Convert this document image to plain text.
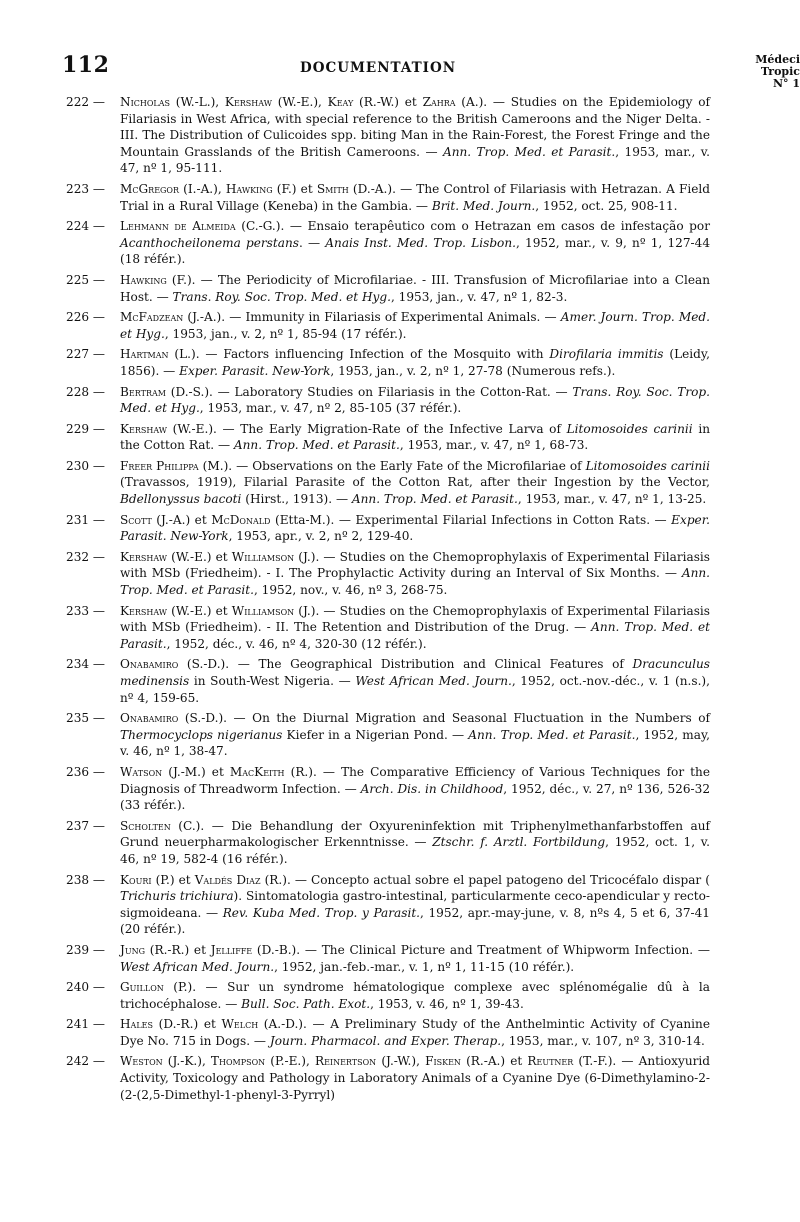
112	DOCUMENTATION
Médeci
Tropic
N° 1
222 —	Nicholas (W.-L.), Kershaw (W.-E.), Keay (R.-W.) et Zahra (A.). — Studies on the Epidemiology of Filariasis in West Africa, with special reference to the British Cameroons and the Niger Delta. - III. The Distribution of Culicoides spp. biting Man in the Rain-Forest, the Forest Fringe and the Mountain Grasslands of the British Cameroons. — Ann. Trop. Med. et Parasit., 1953, mar., v. 47, nº 1, 95-111.
223 —	McGregor (I.-A.), Hawking (F.) et Smith (D.-A.). — The Control of Filariasis with Hetrazan. A Field Trial in a Rural Village (Keneba) in the Gambia. — Brit. Med. Journ., 1952, oct. 25, 908-11.
224 —	Lehmann de Almeida (C.-G.). — Ensaio terapêutico com o Hetrazan em casos de infestação por Acanthocheilonema perstans. — Anais Inst. Med. Trop. Lisbon., 1952, mar., v. 9, nº 1, 127-44 (18 référ.).
225 —	Hawking (F.). — The Periodicity of Microfilariae. - III. Transfusion of Microfilariae into a Clean Host. — Trans. Roy. Soc. Trop. Med. et Hyg., 1953, jan., v. 47, nº 1, 82-3.
226 —	McFadzean (J.-A.). — Immunity in Filariasis of Experimental Animals. — Amer. Journ. Trop. Med. et Hyg., 1953, jan., v. 2, nº 1, 85-94 (17 référ.).
227 —	Hartman (L.). — Factors influencing Infection of the Mosquito with Dirofilaria immitis (Leidy, 1856). — Exper. Parasit. New-York, 1953, jan., v. 2, nº 1, 27-78 (Numerous refs.).
228 —	Bertram (D.-S.). — Laboratory Studies on Filariasis in the Cotton-Rat. — Trans. Roy. Soc. Trop. Med. et Hyg., 1953, mar., v. 47, nº 2, 85-105 (37 référ.).
229 —	Kershaw (W.-E.). — The Early Migration-Rate of the Infective Larva of Litomosoides carinii in the Cotton Rat. — Ann. Trop. Med. et Parasit., 1953, mar., v. 47, nº 1, 68-73.
230 —	Freer Philippa (M.). — Observations on the Early Fate of the Microfilariae of Litomosoides carinii (Travassos, 1919), Filarial Parasite of the Cotton Rat, after their Ingestion by the Vector, Bdellonyssus bacoti (Hirst., 1913). — Ann. Trop. Med. et Parasit., 1953, mar., v. 47, nº 1, 13-25.
231 —	Scott (J.-A.) et McDonald (Etta-M.). — Experimental Filarial Infections in Cotton Rats. — Exper. Parasit. New-York, 1953, apr., v. 2, nº 2, 129-40.
232 —	Kershaw (W.-E.) et Williamson (J.). — Studies on the Chemoprophylaxis of Experimental Filariasis with MSb (Friedheim). - I. The Prophylactic Activity during an Interval of Six Months. — Ann. Trop. Med. et Parasit., 1952, nov., v. 46, nº 3, 268-75.
233 —	Kershaw (W.-E.) et Williamson (J.). — Studies on the Chemoprophylaxis of Experimental Filariasis with MSb (Friedheim). - II. The Retention and Distribution of the Drug. — Ann. Trop. Med. et Parasit., 1952, déc., v. 46, nº 4, 320-30 (12 référ.).
234 —	Onabamiro (S.-D.). — The Geographical Distribution and Clinical Features of Dracunculus medinensis in South-West Nigeria. — West African Med. Journ., 1952, oct.-nov.-déc., v. 1 (n.s.), nº 4, 159-65.
235 —	Onabamiro (S.-D.). — On the Diurnal Migration and Seasonal Fluctuation in the Numbers of Thermocyclops nigerianus Kiefer in a Nigerian Pond. — Ann. Trop. Med. et Parasit., 1952, may, v. 46, nº 1, 38-47.
236 —	Watson (J.-M.) et MacKeith (R.). — The Comparative Efficiency of Various Techniques for the Diagnosis of Threadworm Infection. — Arch. Dis. in Childhood, 1952, déc., v. 27, nº 136, 526-32 (33 référ.).
237 —	Scholten (C.). — Die Behandlung der Oxyureninfektion mit Triphenylmethanfarbstoffen auf Grund neuerpharmakologischer Erkenntnisse. — Ztschr. f. Arztl. Fortbildung, 1952, oct. 1, v. 46, nº 19, 582-4 (16 référ.).
238 —	Kouri (P.) et Valdés Diaz (R.). — Concepto actual sobre el papel patogeno del Tricocéfalo dispar ( Trichuris trichiura). Sintomatologia gastro-intestinal, particularmente ceco-apendicular y recto-sigmoideana. — Rev. Kuba Med. Trop. y Parasit., 1952, apr.-may-june, v. 8, nºs 4, 5 et 6, 37-41 (20 référ.).
239 —	Jung (R.-R.) et Jelliffe (D.-B.). — The Clinical Picture and Treatment of Whipworm Infection. — West African Med. Journ., 1952, jan.-feb.-mar., v. 1, nº 1, 11-15 (10 référ.).
240 —	Guillon (P.). — Sur un syndrome hématologique complexe avec splénomégalie dû à la trichocéphalose. — Bull. Soc. Path. Exot., 1953, v. 46, nº 1, 39-43.
241 —	Hales (D.-R.) et Welch (A.-D.). — A Preliminary Study of the Anthelmintic Activity of Cyanine Dye No. 715 in Dogs. — Journ. Pharmacol. and Exper. Therap., 1953, mar., v. 107, nº 3, 310-14.
242 —	Weston (J.-K.), Thompson (P.-E.), Reinertson (J.-W.), Fisken (R.-A.) et Reutner (T.-F.). — Antioxyurid Activity, Toxicology and Pathology in Laboratory Animals of a Cyanine Dye (6-Dimethylamino-2-(2-(2,5-Dimethyl-1-phenyl-3-Pyrryl)
